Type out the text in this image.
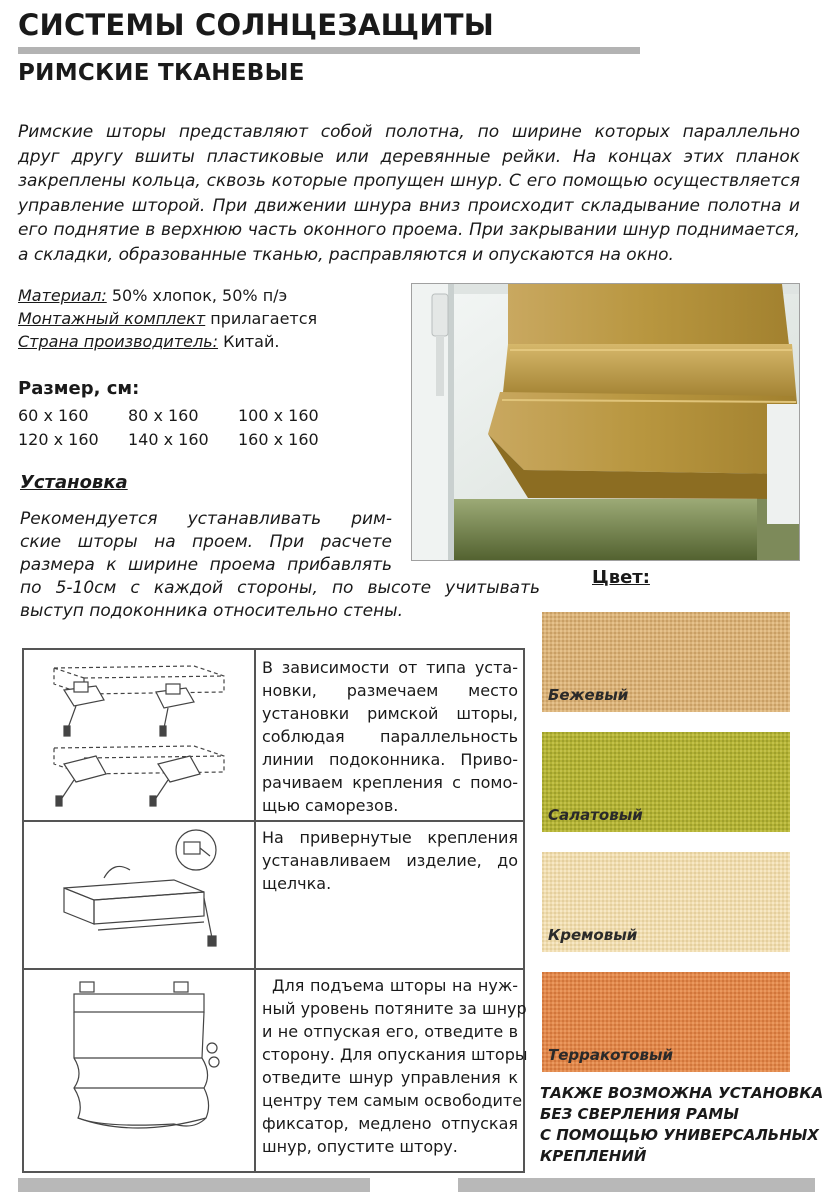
СИСТЕМЫ СОЛНЦЕЗАЩИТЫ
РИМСКИЕ ТКАНЕВЫЕ
Римские шторы представляют собой полотна, по ширине которых параллельно
друг другу вшиты пластиковые или деревянные рейки. На концах этих планок
закреплены кольца, сквозь которые пропущен шнур. С его помощью осуществляется
управление шторой. При движении шнура вниз происходит складывание полотна и
его поднятие в верхнюю часть оконного проема. При закрывании шнур поднимается,
а складки, образованные тканью, расправляются и опускаются на окно.
Материал: 50% хлопок, 50% п/э
Монтажный комплект прилагается
Страна производитель: Китай.
Размер, см:
60 х 160	80 х 160	100 х 160
120 х 160	140 х 160	160 х 160
Установка
Рекомендуется устанавливать рим-
ские шторы на проем. При расчете
размера к ширине проема прибавлять
по 5-10см с каждой стороны, по высоте учитывать
выступ подоконника относительно стены.
Цвет:
Бежевый
Салатовый
Кремовый
Терракотовый
В зависимости от типа уста-
новки, размечаем место
установки римской шторы,
соблюдая параллельность
линии подоконника. Приво-
рачиваем крепления с помо-
щью саморезов.
На привернутые крепления
устанавливаем изделие, до
щелчка.
Для подъема шторы на нуж-
ный уровень потяните за шнур
и не отпуская его, отведите в
сторону. Для опускания шторы
отведите шнур управления к
центру тем самым освободите
фиксатор, медлено отпуская
шнур, опустите штору.
ТАКЖЕ ВОЗМОЖНА УСТАНОВКА
БЕЗ СВЕРЛЕНИЯ РАМЫ
С ПОМОЩЬЮ УНИВЕРСАЛЬНЫХ
КРЕПЛЕНИЙ
